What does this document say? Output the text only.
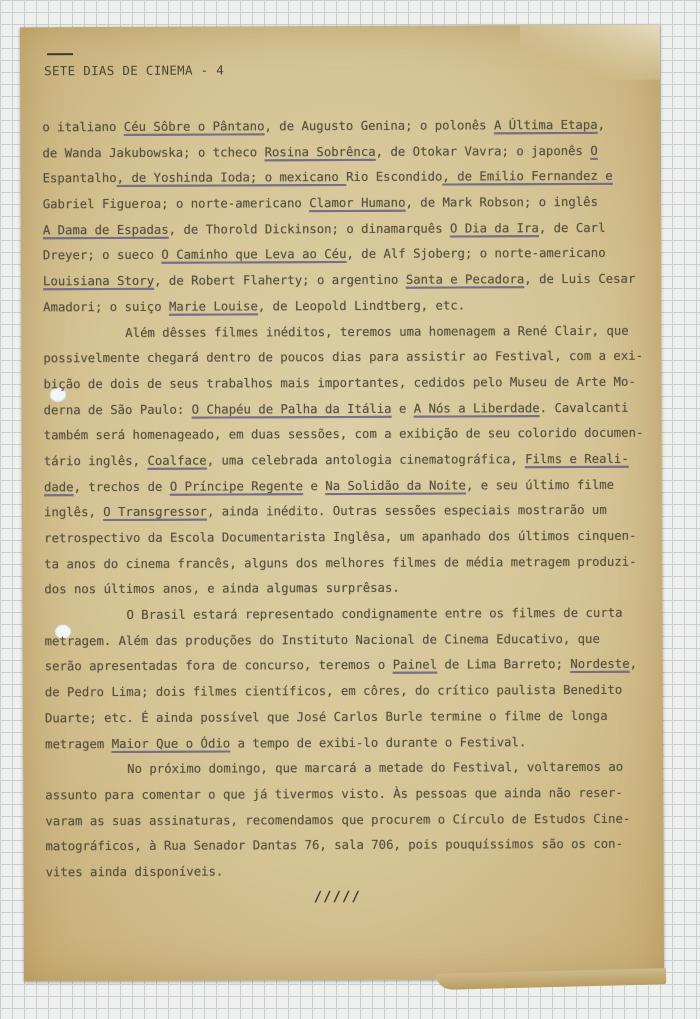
SETE DIAS DE CINEMA - 4
o italiano Céu Sôbre o Pântano, de Augusto Genina; o polonês A Última Etapa,
de Wanda Jakubowska; o tcheco Rosina Sobrênca, de Otokar Vavra; o japonês O
Espantalho, de Yoshinda Ioda; o mexicano Rio Escondido, de Emilio Fernandez e
Gabriel Figueroa; o norte-americano Clamor Humano, de Mark Robson; o inglês
A Dama de Espadas, de Thorold Dickinson; o dinamarquês O Dia da Ira, de Carl
Dreyer; o sueco O Caminho que Leva ao Céu, de Alf Sjoberg; o norte-americano
Louisiana Story, de Robert Flaherty; o argentino Santa e Pecadora, de Luis Cesar
Amadori; o suiço Marie Louise, de Leopold Lindtberg, etc.
Além dêsses filmes inéditos, teremos uma homenagem a René Clair, que
possivelmente chegará dentro de poucos dias para assistir ao Festival, com a exi-
bição de dois de seus trabalhos mais importantes, cedidos pelo Museu de Arte Mo-
derna de São Paulo: O Chapéu de Palha da Itália e A Nós a Liberdade. Cavalcanti
também será homenageado, em duas sessões, com a exibição de seu colorido documen-
tário inglês, Coalface, uma celebrada antologia cinematográfica, Films e Reali-
dade, trechos de O Príncipe Regente e Na Solidão da Noite, e seu último filme
inglês, O Transgressor, ainda inédito. Outras sessões especiais mostrarão um
retrospectivo da Escola Documentarista Inglêsa, um apanhado dos últimos cinquen-
ta anos do cinema francês, alguns dos melhores filmes de média metragem produzi-
dos nos últimos anos, e ainda algumas surprêsas.
O Brasil estará representado condignamente entre os filmes de curta
metragem. Além das produções do Instituto Nacional de Cinema Educativo, que
serão apresentadas fora de concurso, teremos o Painel de Lima Barreto; Nordeste,
de Pedro Lima; dois filmes científicos, em côres, do crítico paulista Benedito
Duarte; etc. É ainda possível que José Carlos Burle termine o filme de longa
metragem Maior Que o Ódio a tempo de exibi-lo durante o Festival.
No próximo domingo, que marcará a metade do Festival, voltaremos ao
assunto para comentar o que já tivermos visto. Às pessoas que ainda não reser-
varam as suas assinaturas, recomendamos que procurem o Círculo de Estudos Cine-
matográficos, à Rua Senador Dantas 76, sala 706, pois pouquíssimos são os con-
vites ainda disponíveis.
/////
